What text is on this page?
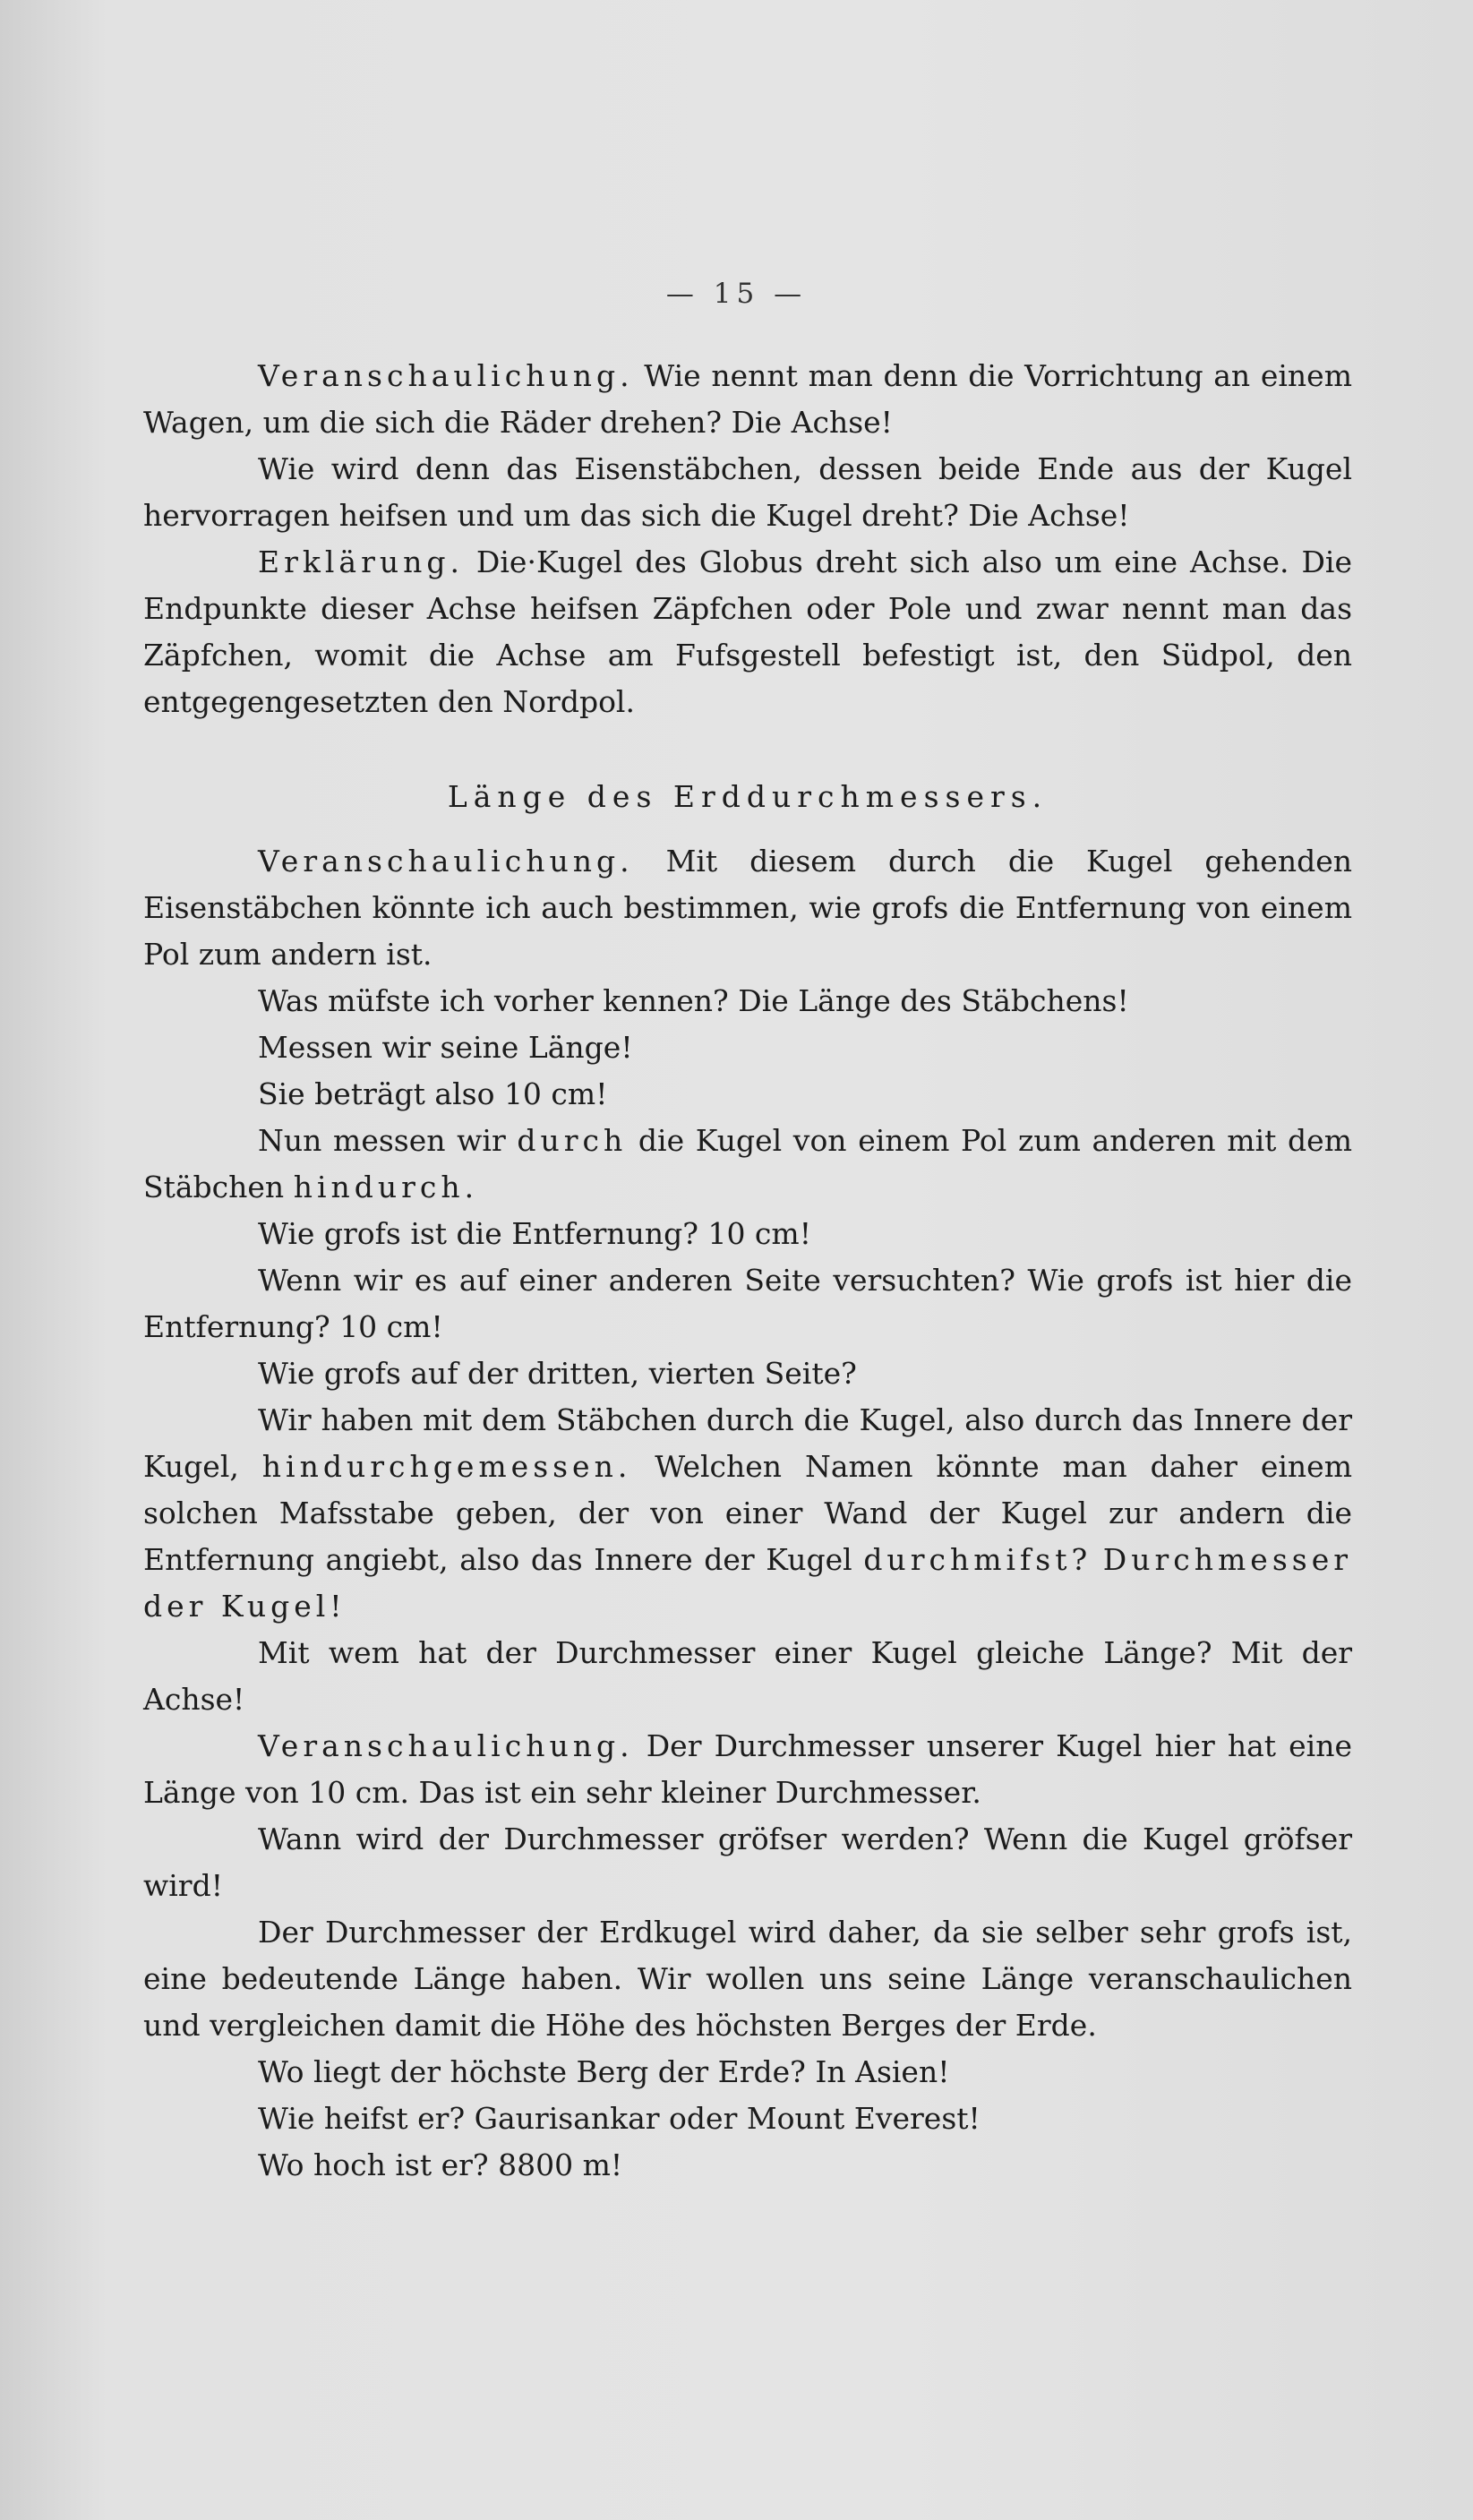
— 15 —

Veranschaulichung. Wie nennt man denn die Vorrichtung an einem Wagen, um die sich die Räder drehen? Die Achse!

Wie wird denn das Eisenstäbchen, dessen beide Ende aus der Kugel hervorragen heifsen und um das sich die Kugel dreht? Die Achse!

Erklärung. Die·Kugel des Globus dreht sich also um eine Achse. Die Endpunkte dieser Achse heifsen Zäpfchen oder Pole und zwar nennt man das Zäpfchen, womit die Achse am Fufsgestell befestigt ist, den Südpol, den entgegengesetzten den Nordpol.

Länge des Erddurchmessers.

Veranschaulichung. Mit diesem durch die Kugel gehenden Eisenstäbchen könnte ich auch bestimmen, wie grofs die Entfernung von einem Pol zum andern ist.

Was müfste ich vorher kennen? Die Länge des Stäbchens!

Messen wir seine Länge!

Sie beträgt also 10 cm!

Nun messen wir durch die Kugel von einem Pol zum anderen mit dem Stäbchen hindurch.

Wie grofs ist die Entfernung? 10 cm!

Wenn wir es auf einer anderen Seite versuchten? Wie grofs ist hier die Entfernung? 10 cm!

Wie grofs auf der dritten, vierten Seite?

Wir haben mit dem Stäbchen durch die Kugel, also durch das Innere der Kugel, hindurchgemessen. Welchen Namen könnte man daher einem solchen Mafsstabe geben, der von einer Wand der Kugel zur andern die Entfernung angiebt, also das Innere der Kugel durchmifst? Durchmesser der Kugel!

Mit wem hat der Durchmesser einer Kugel gleiche Länge? Mit der Achse!

Veranschaulichung. Der Durchmesser unserer Kugel hier hat eine Länge von 10 cm. Das ist ein sehr kleiner Durchmesser.

Wann wird der Durchmesser gröfser werden? Wenn die Kugel gröfser wird!

Der Durchmesser der Erdkugel wird daher, da sie selber sehr grofs ist, eine bedeutende Länge haben. Wir wollen uns seine Länge veranschaulichen und vergleichen damit die Höhe des höchsten Berges der Erde.

Wo liegt der höchste Berg der Erde? In Asien!

Wie heifst er? Gaurisankar oder Mount Everest!

Wo hoch ist er? 8800 m!
